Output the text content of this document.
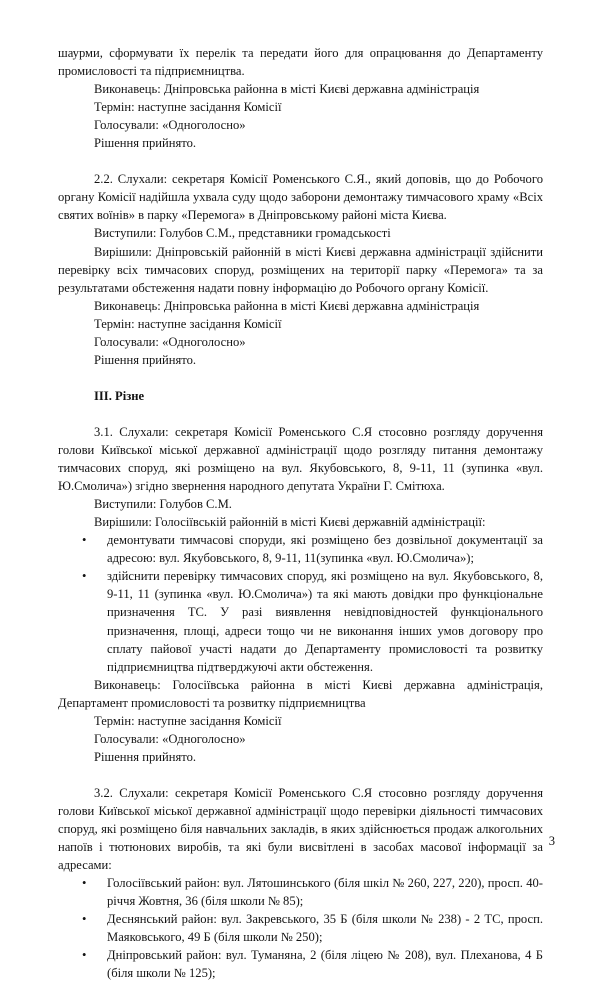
шаурми, сформувати їх перелік та передати його для опрацювання до Департаменту промисловості та підприємництва.

Виконавець: Дніпровська районна в місті Києві державна адміністрація

Термін: наступне засідання Комісії

Голосували: «Одноголосно»

Рішення прийнято.

2.2. Слухали: секретаря Комісії Роменського С.Я., який доповів, що до Робочого органу Комісії надійшла ухвала суду щодо заборони демонтажу тимчасового храму «Всіх святих воїнів» в парку «Перемога» в Дніпровському районі міста Києва.

Виступили: Голубов С.М., представники громадськості

Вирішили: Дніпровській районній в місті Києві державна адміністрації здійснити перевірку всіх тимчасових споруд, розміщених на території парку «Перемога» та за результатами обстеження надати повну інформацію до Робочого органу Комісії.

Виконавець: Дніпровська районна в місті Києві державна адміністрація

Термін: наступне засідання Комісії

Голосували: «Одноголосно»

Рішення прийнято.

III. Різне

3.1. Слухали: секретаря Комісії Роменського С.Я стосовно розгляду доручення голови Київської міської державної адміністрації щодо розгляду питання демонтажу тимчасових споруд, які розміщено на вул. Якубовського, 8, 9-11, 11 (зупинка «вул. Ю.Смолича») згідно звернення народного депутата України Г. Смітюха.

Виступили: Голубов С.М.

Вирішили: Голосіївській районній в місті Києві державній адміністрації:

• демонтувати тимчасові споруди, які розміщено без дозвільної документації за адресою: вул. Якубовського, 8, 9-11, 11(зупинка «вул. Ю.Смолича»);
• здійснити перевірку тимчасових споруд, які розміщено на вул. Якубовського, 8, 9-11, 11 (зупинка «вул. Ю.Смолича») та які мають довідки про функціональне призначення ТС. У разі виявлення невідповідностей функціонального призначення, площі, адреси тощо чи не виконання інших умов договору про сплату пайової участі надати до Департаменту промисловості та розвитку підприємництва підтверджуючі акти обстеження.

Виконавець: Голосіївська районна в місті Києві державна адміністрація, Департамент промисловості та розвитку підприємництва

Термін: наступне засідання Комісії

Голосували: «Одноголосно»

Рішення прийнято.

3.2. Слухали: секретаря Комісії Роменського С.Я стосовно розгляду доручення голови Київської міської державної адміністрації щодо перевірки діяльності тимчасових споруд, які розміщено біля навчальних закладів, в яких здійснюється продаж алкогольних напоїв і тютюнових виробів, та які були висвітлені в засобах масової інформації за адресами:

• Голосіївський район: вул. Лятошинського (біля шкіл № 260, 227, 220), просп. 40-річчя Жовтня, 36 (біля школи № 85);
• Деснянський район: вул. Закревського, 35 Б (біля школи № 238) - 2 ТС, просп. Маяковського, 49 Б (біля школи № 250);
• Дніпровський район: вул. Туманяна, 2 (біля ліцею № 208), вул. Плеханова, 4 Б (біля школи № 125);
3
